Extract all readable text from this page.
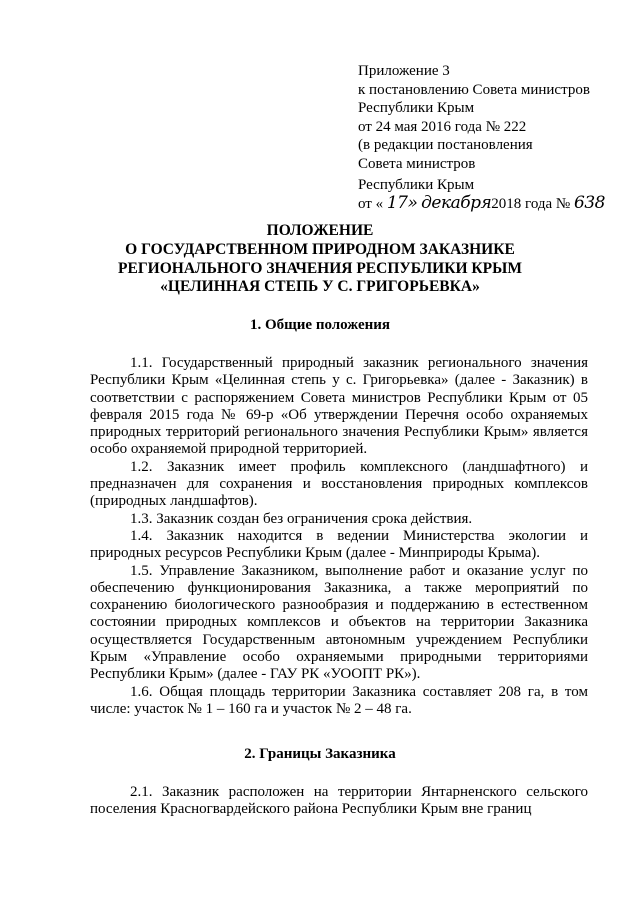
Приложение 3
к постановлению Совета министров
Республики Крым
от 24 мая 2016 года № 222
(в редакции постановления
Совета министров
Республики Крым
от « 17» декабря2018 года № 638
ПОЛОЖЕНИЕ
О ГОСУДАРСТВЕННОМ ПРИРОДНОМ ЗАКАЗНИКЕ
РЕГИОНАЛЬНОГО ЗНАЧЕНИЯ РЕСПУБЛИКИ КРЫМ
«ЦЕЛИННАЯ СТЕПЬ У С. ГРИГОРЬЕВКА»
1. Общие положения

1.1. Государственный природный заказник регионального значения Республики Крым «Целинная степь у с. Григорьевка» (далее - Заказник) в соответствии с распоряжением Совета министров Республики Крым от 05 февраля 2015 года № 69-р «Об утверждении Перечня особо охраняемых природных территорий регионального значения Республики Крым» является особо охраняемой природной территорией.

1.2. Заказник имеет профиль комплексного (ландшафтного) и предназначен для сохранения и восстановления природных комплексов (природных ландшафтов).

1.3. Заказник создан без ограничения срока действия.

1.4. Заказник находится в ведении Министерства экологии и природных ресурсов Республики Крым (далее - Минприроды Крыма).

1.5. Управление Заказником, выполнение работ и оказание услуг по обеспечению функционирования Заказника, а также мероприятий по сохранению биологического разнообразия и поддержанию в естественном состоянии природных комплексов и объектов на территории Заказника осуществляется Государственным автономным учреждением Республики Крым «Управление особо охраняемыми природными территориями Республики Крым» (далее - ГАУ РК «УООПТ РК»).

1.6. Общая площадь территории Заказника составляет 208 га, в том числе: участок № 1 – 160 га и участок № 2 – 48 га.

2. Границы Заказника

2.1. Заказник расположен на территории Янтарненского сельского поселения Красногвардейского района Республики Крым вне границ
